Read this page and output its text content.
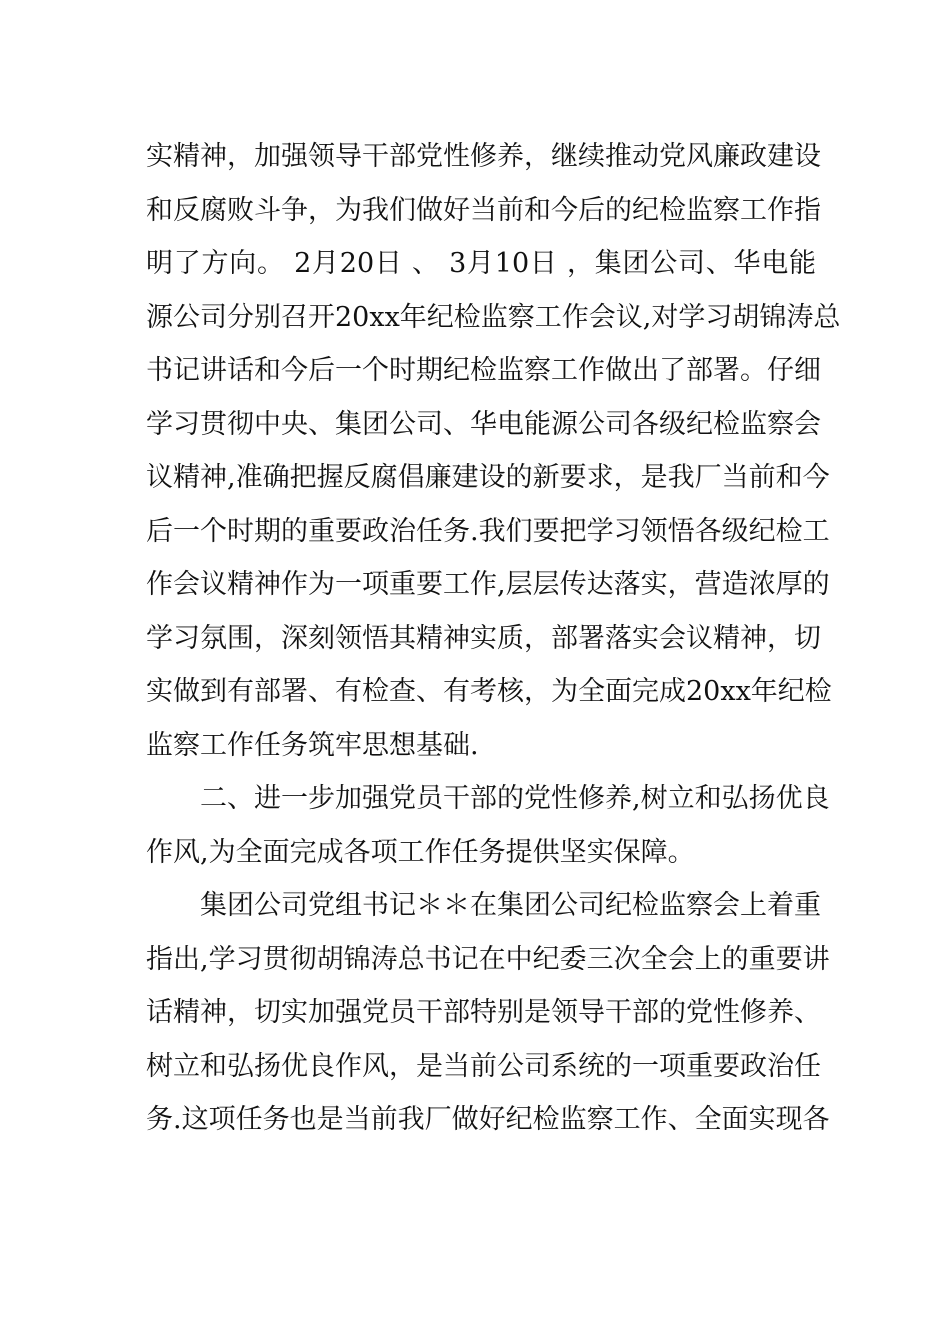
实精神，加强领导干部党性修养，继续推动党风廉政建设
和反腐败斗争，为我们做好当前和今后的纪检监察工作指
明了方向。 2月20日 、 3月10日 ，集团公司、华电能
源公司分别召开20xx年纪检监察工作会议,对学习胡锦涛总
书记讲话和今后一个时期纪检监察工作做出了部署。仔细
学习贯彻中央、集团公司、华电能源公司各级纪检监察会
议精神,准确把握反腐倡廉建设的新要求，是我厂当前和今
后一个时期的重要政治任务.我们要把学习领悟各级纪检工
作会议精神作为一项重要工作,层层传达落实，营造浓厚的
学习氛围，深刻领悟其精神实质，部署落实会议精神，切
实做到有部署、有检查、有考核，为全面完成20xx年纪检
监察工作任务筑牢思想基础.
二、进一步加强党员干部的党性修养,树立和弘扬优良
作风,为全面完成各项工作任务提供坚实保障。
集团公司党组书记＊＊在集团公司纪检监察会上着重
指出,学习贯彻胡锦涛总书记在中纪委三次全会上的重要讲
话精神，切实加强党员干部特别是领导干部的党性修养、
树立和弘扬优良作风，是当前公司系统的一项重要政治任
务.这项任务也是当前我厂做好纪检监察工作、全面实现各
